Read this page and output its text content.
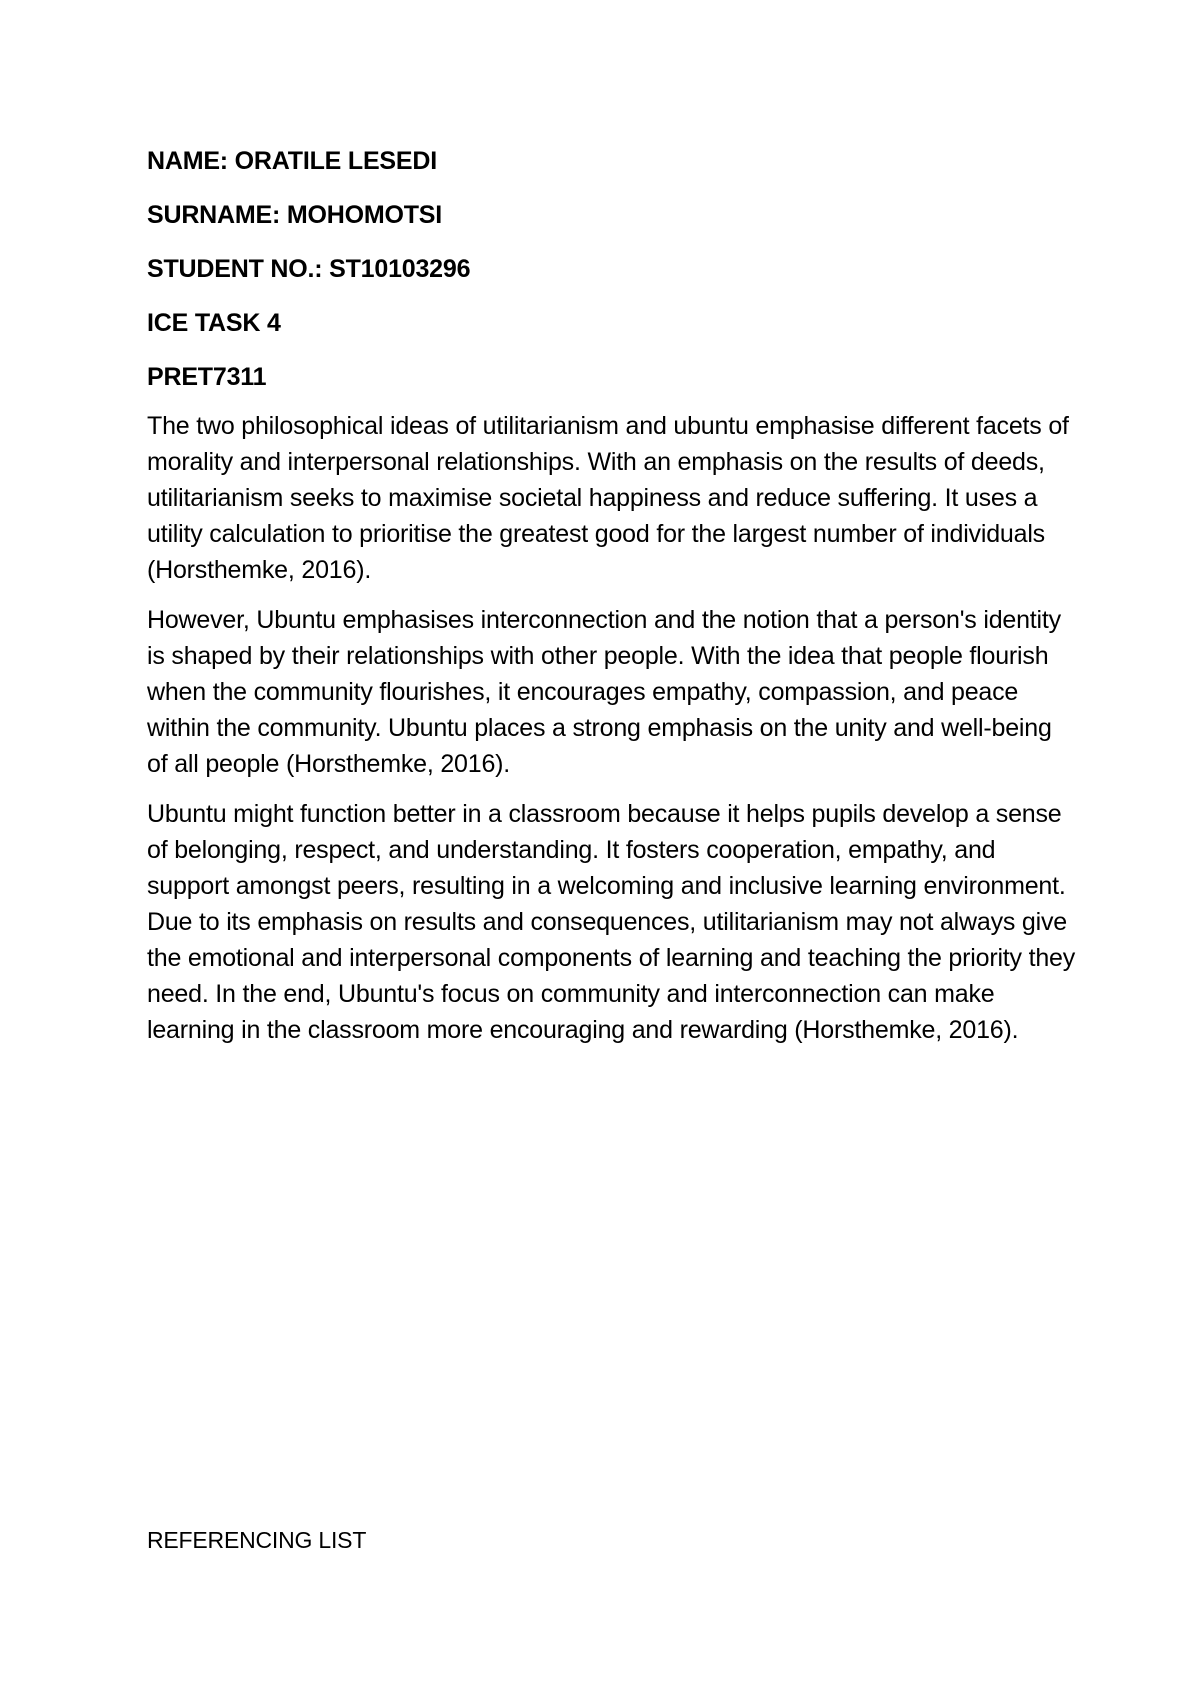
NAME: ORATILE LESEDI
SURNAME: MOHOMOTSI
STUDENT NO.: ST10103296
ICE TASK 4
PRET7311

The two philosophical ideas of utilitarianism and ubuntu emphasise different facets of morality and interpersonal relationships. With an emphasis on the results of deeds, utilitarianism seeks to maximise societal happiness and reduce suffering. It uses a utility calculation to prioritise the greatest good for the largest number of individuals (Horsthemke, 2016).

However, Ubuntu emphasises interconnection and the notion that a person's identity is shaped by their relationships with other people. With the idea that people flourish when the community flourishes, it encourages empathy, compassion, and peace within the community. Ubuntu places a strong emphasis on the unity and well-being of all people (Horsthemke, 2016).

Ubuntu might function better in a classroom because it helps pupils develop a sense of belonging, respect, and understanding. It fosters cooperation, empathy, and support amongst peers, resulting in a welcoming and inclusive learning environment. Due to its emphasis on results and consequences, utilitarianism may not always give the emotional and interpersonal components of learning and teaching the priority they need. In the end, Ubuntu's focus on community and interconnection can make learning in the classroom more encouraging and rewarding (Horsthemke, 2016).

REFERENCING LIST
